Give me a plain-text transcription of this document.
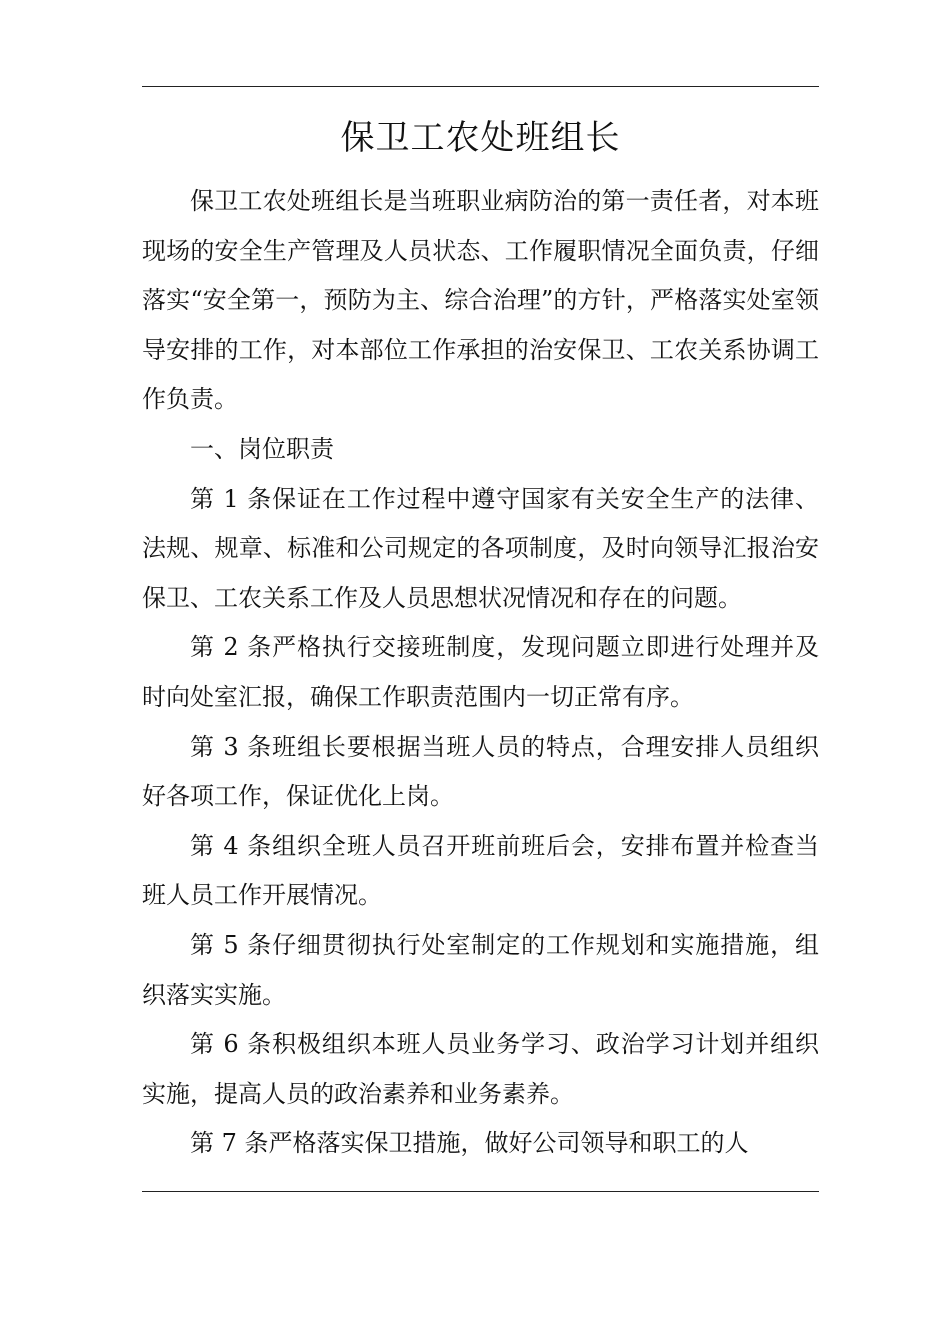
保卫工农处班组长

保卫工农处班组长是当班职业病防治的第一责任者，对本班现场的安全生产管理及人员状态、工作履职情况全面负责，仔细落实“安全第一，预防为主、综合治理”的方针，严格落实处室领导安排的工作，对本部位工作承担的治安保卫、工农关系协调工作负责。

一、岗位职责

第 1 条保证在工作过程中遵守国家有关安全生产的法律、法规、规章、标准和公司规定的各项制度，及时向领导汇报治安保卫、工农关系工作及人员思想状况情况和存在的问题。

第 2 条严格执行交接班制度，发现问题立即进行处理并及时向处室汇报，确保工作职责范围内一切正常有序。

第 3 条班组长要根据当班人员的特点，合理安排人员组织好各项工作，保证优化上岗。

第 4 条组织全班人员召开班前班后会，安排布置并检查当班人员工作开展情况。

第 5 条仔细贯彻执行处室制定的工作规划和实施措施，组织落实实施。

第 6 条积极组织本班人员业务学习、政治学习计划并组织实施，提高人员的政治素养和业务素养。

第 7 条严格落实保卫措施，做好公司领导和职工的人
